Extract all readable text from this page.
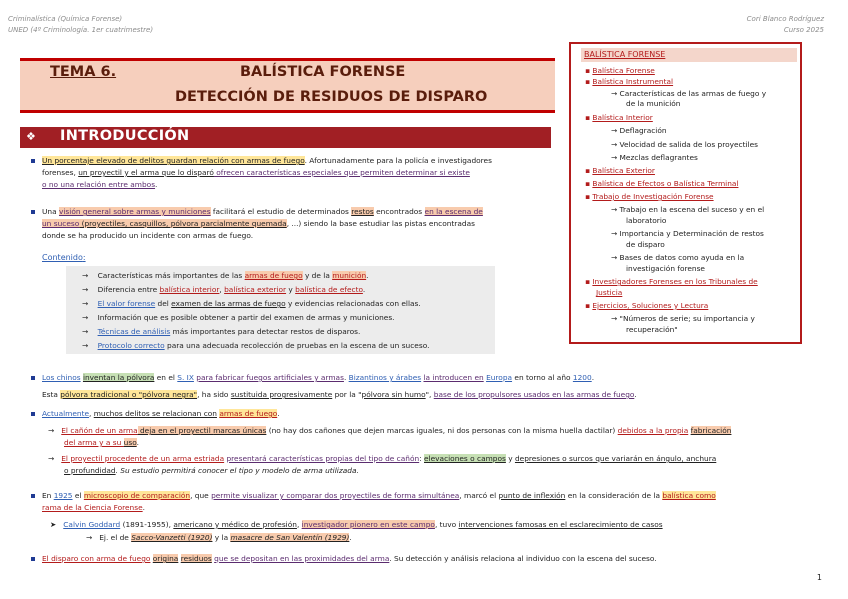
Criminalística (Química Forense)
UNED (4º Criminología. 1er cuatrimestre)
Cori Blanco Rodríguez
Curso 2025
TEMA 6.	BALÍSTICA FORENSE
DETECCIÓN DE RESIDUOS DE DISPARO
❖ INTRODUCCIÓN
BALÍSTICA FORENSE
▪ Balística Forense
▪ Balística Instrumental
→ Características de las armas de fuego y
de la munición
▪ Balística Interior
→ Deflagración
→ Velocidad de salida de los proyectiles
→ Mezclas deflagrantes
▪ Balística Exterior
▪ Balística de Efectos o Balística Terminal
▪ Trabajo de Investigación Forense
→ Trabajo en la escena del suceso y en el
laboratorio
→ Importancia y Determinación de restos
de disparo
→ Bases de datos como ayuda en la
investigación forense
▪ Investigadores Forenses en los Tribunales de
Justicia
▪ Ejercicios, Soluciones y Lectura
→ "Números de serie; su importancia y
recuperación"
Un porcentaje elevado de delitos guardan relación con armas de fuego. Afortunadamente para la policía e investigadores
forenses, un proyectil y el arma que lo disparó ofrecen características especiales que permiten determinar si existe
o no una relación entre ambos.
Una visión general sobre armas y municiones facilitará el estudio de determinados restos encontrados en la escena de
un suceso (proyectiles, casquillos, pólvora parcialmente quemada, ...) siendo la base estudiar las pistas encontradas
donde se ha producido un incidente con armas de fuego.
Contenido:
→    Características más importantes de las armas de fuego y de la munición.
→    Diferencia entre balística interior, balística exterior y balística de efecto.
→    El valor forense del examen de las armas de fuego y evidencias relacionadas con ellas.
→    Información que es posible obtener a partir del examen de armas y municiones.
→    Técnicas de análisis más importantes para detectar restos de disparos.
→    Protocolo correcto para una adecuada recolección de pruebas en la escena de un suceso.
Los chinos inventan la pólvora en el S. IX para fabricar fuegos artificiales y armas. Bizantinos y árabes la introducen en Europa en torno al año 1200.
Esta pólvora tradicional o "pólvora negra", ha sido sustituida progresivamente por la "pólvora sin humo", base de los propulsores usados en las armas de fuego.
Actualmente, muchos delitos se relacionan con armas de fuego.
→   El cañón de un arma deja en el proyectil marcas únicas (no hay dos cañones que dejen marcas iguales, ni dos personas con la misma huella dactilar) debidos a la propia fabricación
del arma y a su uso.
→   El proyectil procedente de un arma estriada presentará características propias del tipo de cañón: elevaciones o campos y depresiones o surcos que variarán en ángulo, anchura
o profundidad. Su estudio permitirá conocer el tipo y modelo de arma utilizada.
En 1925 el microscopio de comparación, que permite visualizar y comparar dos proyectiles de forma simultánea, marcó el punto de inflexión en la consideración de la balística como
rama de la Ciencia Forense.
➤   Calvin Goddard (1891-1955), americano y médico de profesión, investigador pionero en este campo, tuvo intervenciones famosas en el esclarecimiento de casos
→   Ej. el de Sacco-Vanzetti (1920) y la masacre de San Valentín (1929).
El disparo con arma de fuego origina residuos que se depositan en las proximidades del arma. Su detección y análisis relaciona al individuo con la escena del suceso.
1
